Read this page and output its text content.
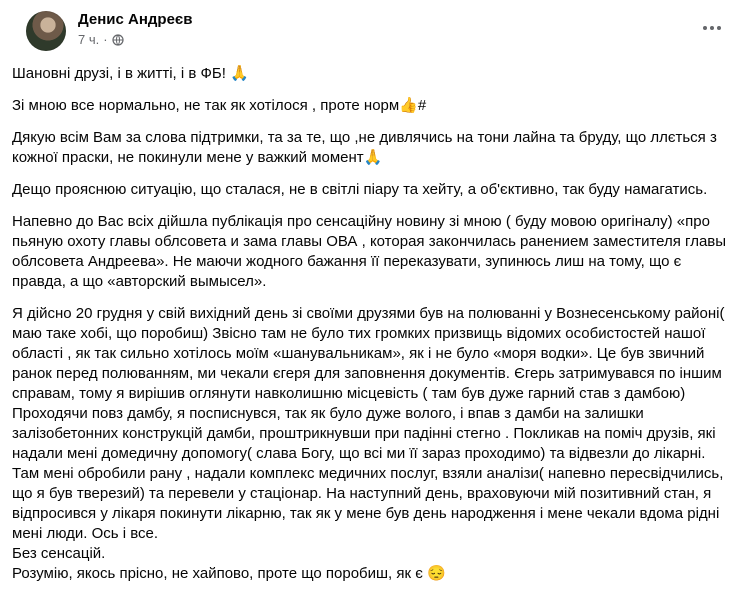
Денис Андреєв
7 ч. ·

Шановні друзі, і в житті, і в ФБ! 🙏

Зі мною все нормально, не так як хотілося , проте норм👍#

Дякую всім Вам за слова підтримки, та за те, що ,не дивлячись на тони лайна та бруду, що ллється з кожної праски, не покинули мене у важкий момент🙏

Дещо прояснюю ситуацію, що сталася, не в світлі піару та хейту, а об'єктивно, так буду намагатись.

Напевно до Вас всіх дійшла публікація про сенсаційну новину зі мною ( буду мовою оригіналу) «про пьяную охоту главы облсовета и зама главы ОВА , которая закончилась ранением заместителя главы облсовета Андреева». Не маючи жодного бажання її переказувати, зупинюсь лиш на тому, що є правда, а що «авторский вымысел».

Я дійсно 20 грудня у свій вихідний день зі своїми друзями був на полюванні у Вознесенському районі( маю таке хобі, що поробиш) Звісно там не було тих громких призвищь відомих особистостей нашої області , як так сильно хотілось моїм «шанувальникам», як і не було «моря водки». Це був звичний ранок перед полюванням, ми чекали єгеря для заповнення документів. Єгерь затримувався по іншим справам, тому я вирішив оглянути навколишню місцевість ( там був дуже гарний став з дамбою) Проходячи повз дамбу, я посписнувся, так як було дуже волого, і впав з дамби на залишки залізобетонних конструкцій дамби, проштрикнувши при падінні стегно . Покликав на поміч друзів, які надали мені домедичну допомогу( слава Богу, що всі ми її зараз проходимо) та відвезли до лікарні. Там мені обробили рану , надали комплекс медичних послуг, взяли аналізи( напевно пересвідчились, що я був тверезий) та перевели у стаціонар. На наступний день, враховуючи мій позитивний стан, я відпросився у лікаря покинути лікарню, так як у мене був день народження і мене чекали вдома рідні мені люди. Ось і все.

Без сенсацій.

Розумію, якось прісно, не хайпово, проте що поробиш, як є 😔
